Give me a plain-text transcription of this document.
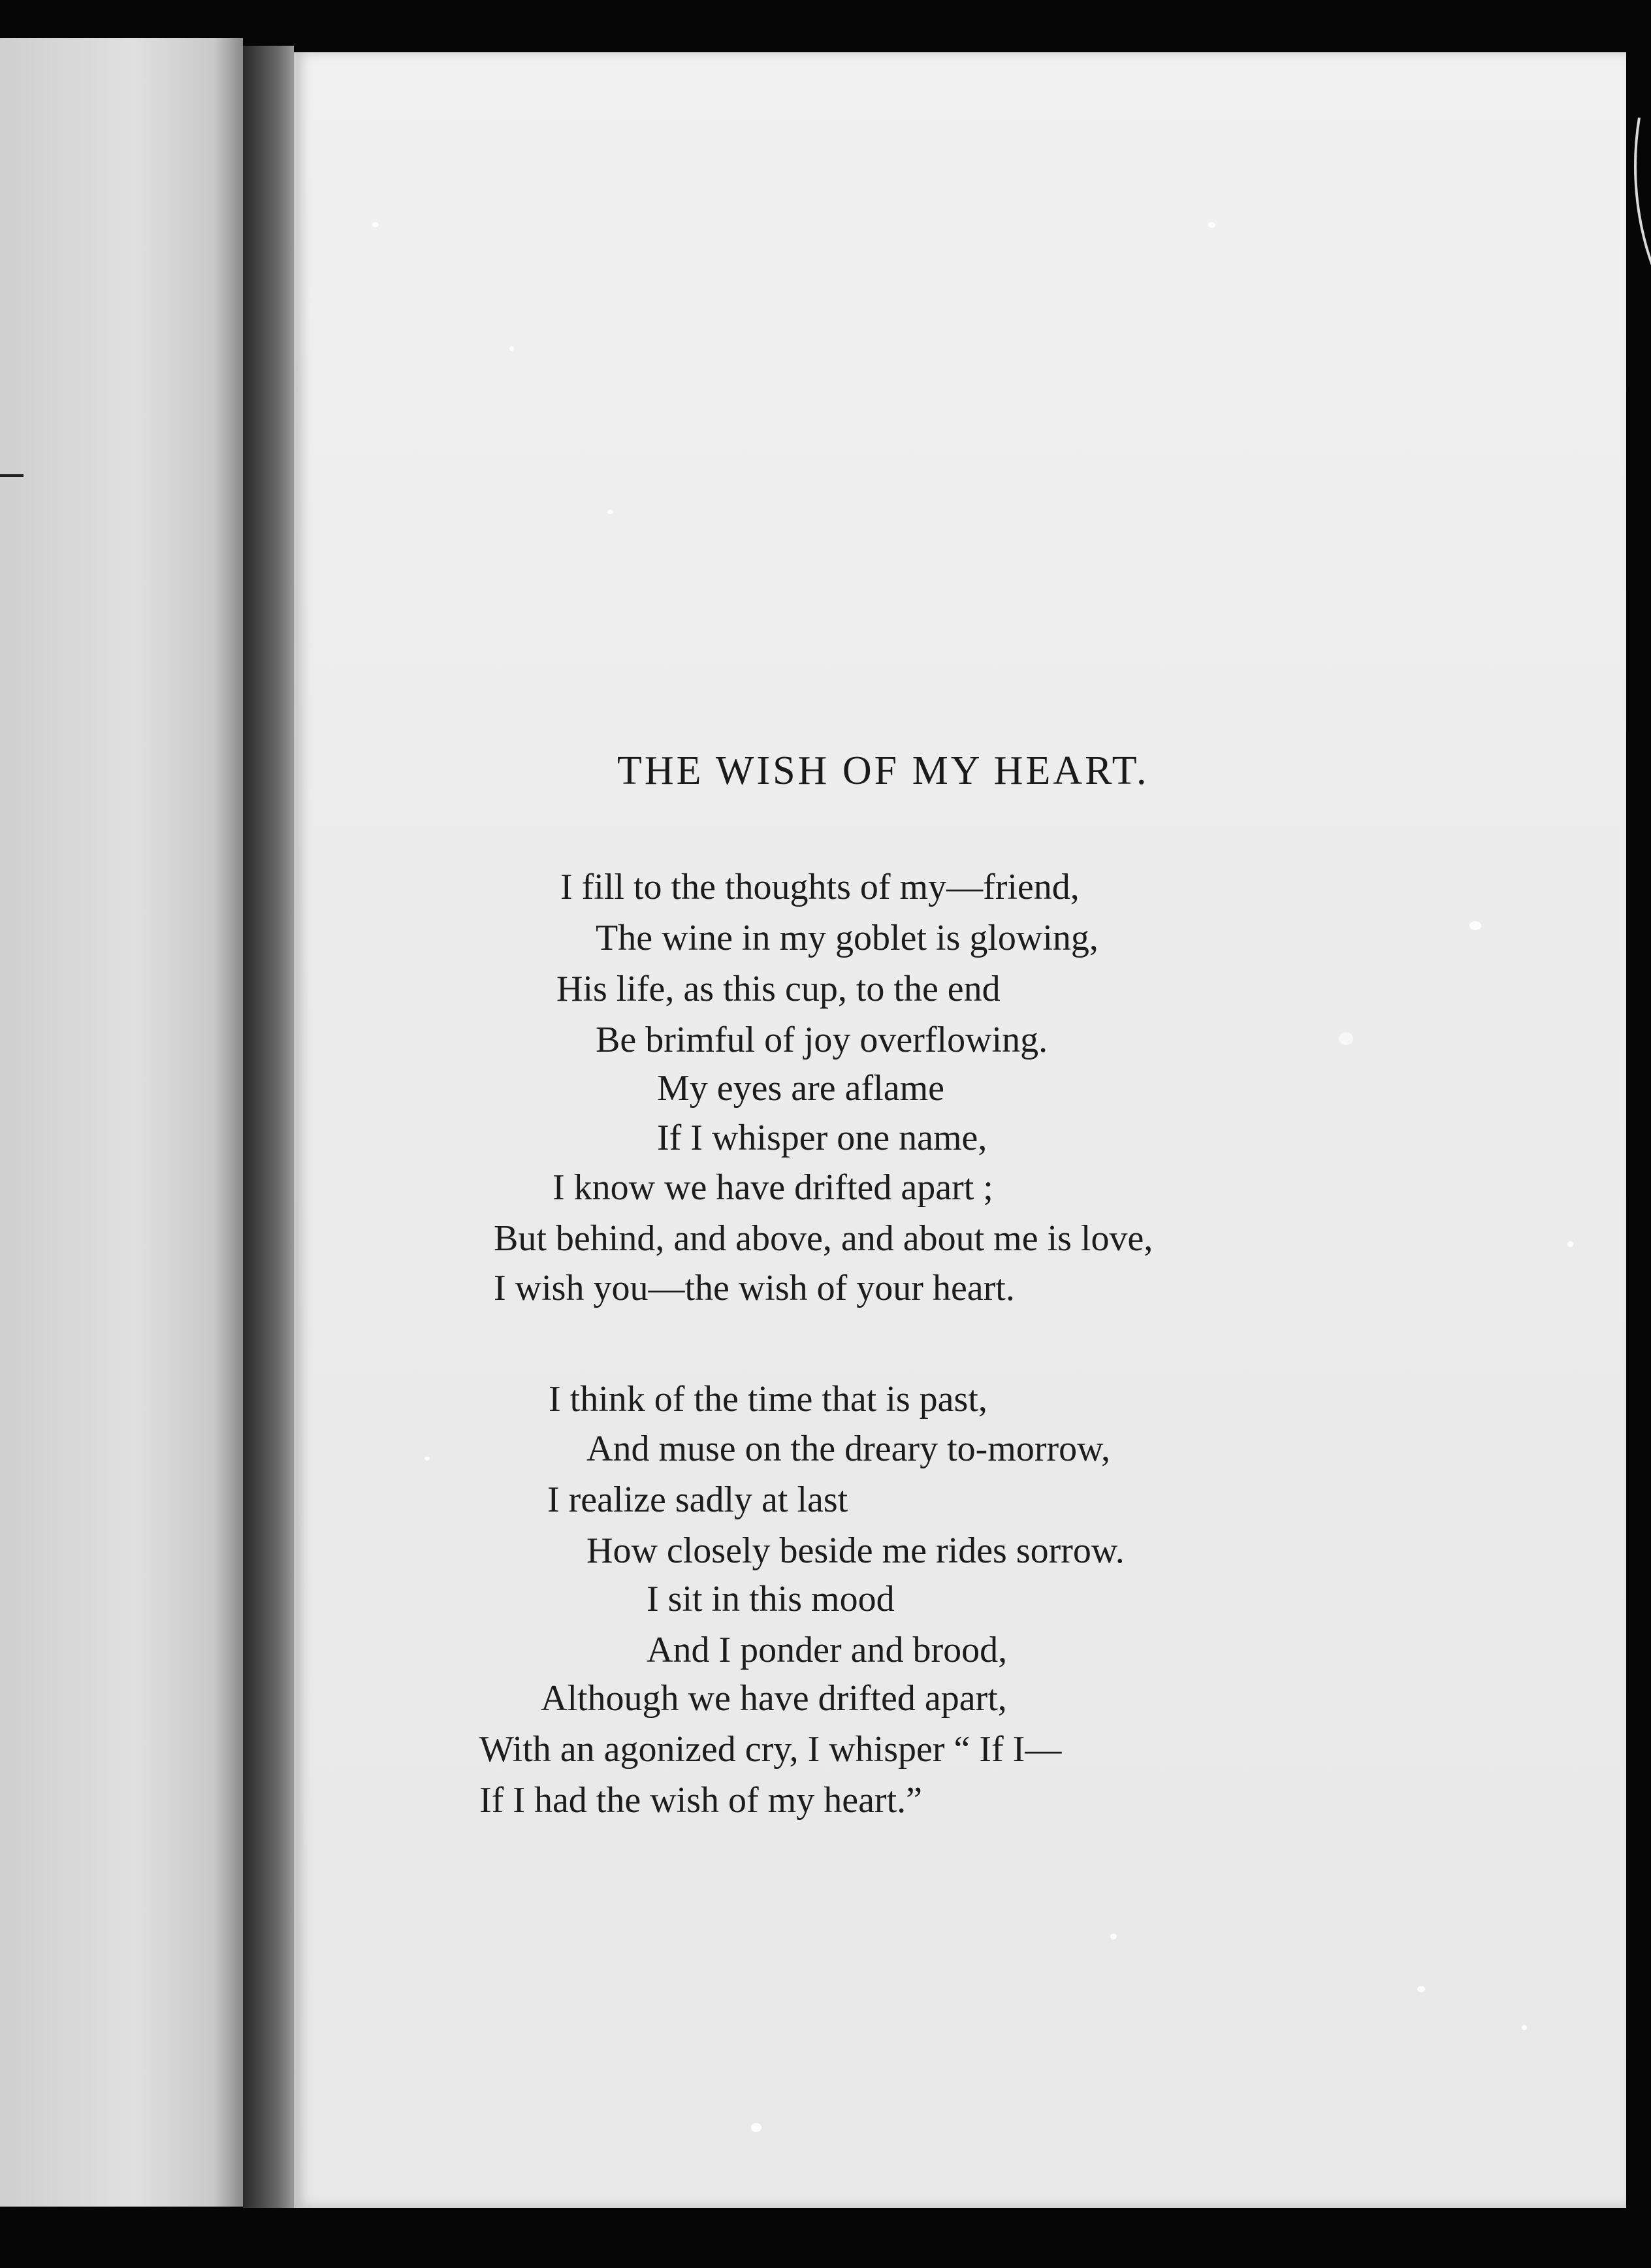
THE WISH OF MY HEART.
I fill to the thoughts of my—friend,
The wine in my goblet is glowing,
His life, as this cup, to the end
Be brimful of joy overflowing.
My eyes are aflame
If I whisper one name,
I know we have drifted apart ;
But behind, and above, and about me is love,
I wish you—the wish of your heart.
I think of the time that is past,
And muse on the dreary to-morrow,
I realize sadly at last
How closely beside me rides sorrow.
I sit in this mood
And I ponder and brood,
Although we have drifted apart,
With an agonized cry, I whisper “ If I—
If I had the wish of my heart.”
